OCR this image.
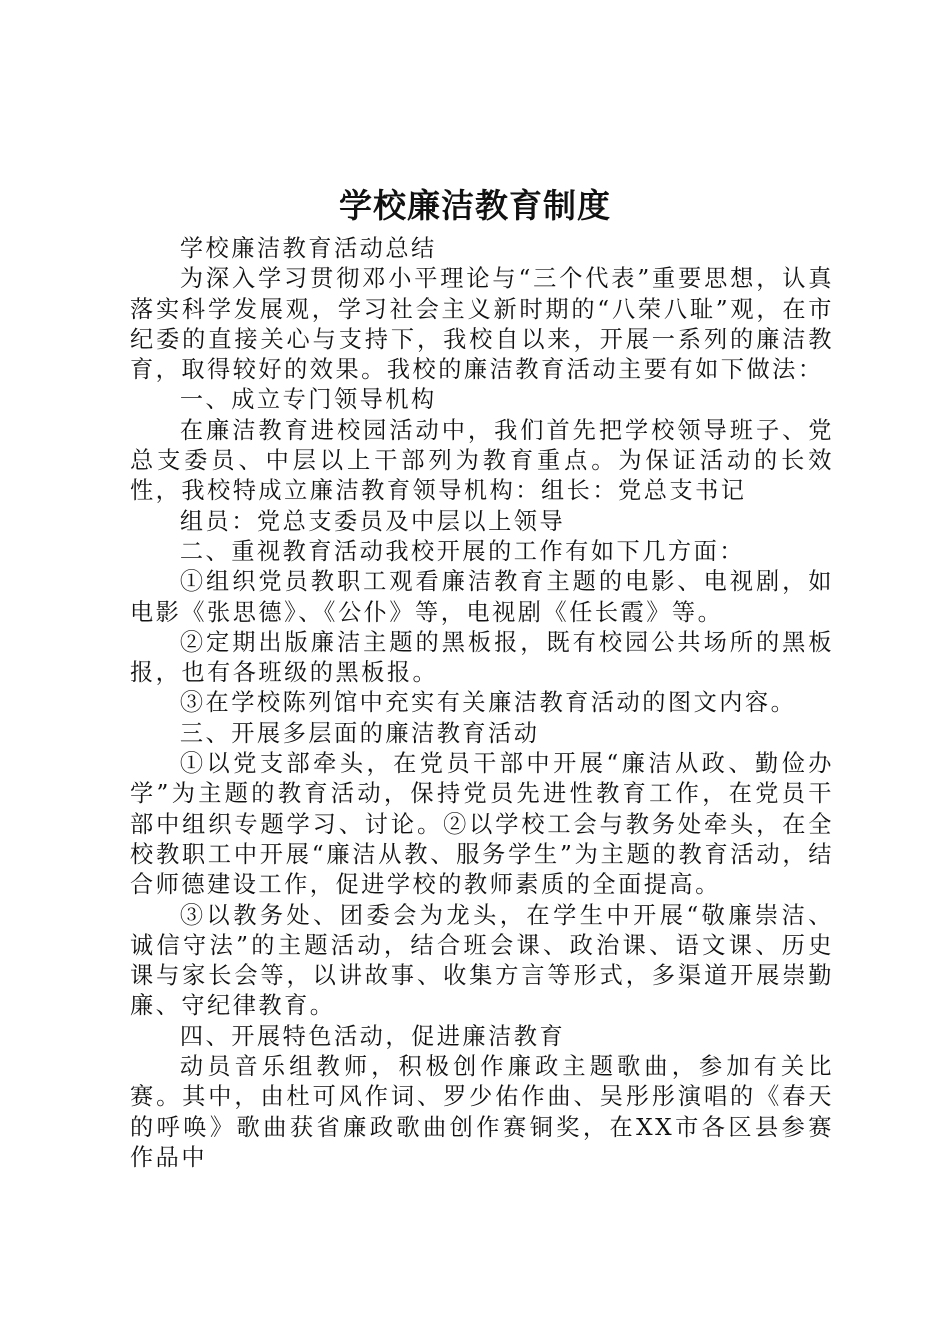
学校廉洁教育制度

学校廉洁教育活动总结

为深入学习贯彻邓小平理论与“三个代表”重要思想，认真落实科学发展观，学习社会主义新时期的“八荣八耻”观，在市纪委的直接关心与支持下，我校自以来，开展一系列的廉洁教育，取得较好的效果。我校的廉洁教育活动主要有如下做法：

一、成立专门领导机构

在廉洁教育进校园活动中，我们首先把学校领导班子、党总支委员、中层以上干部列为教育重点。为保证活动的长效性，我校特成立廉洁教育领导机构：组长：党总支书记

组员：党总支委员及中层以上领导

二、重视教育活动我校开展的工作有如下几方面：

①组织党员教职工观看廉洁教育主题的电影、电视剧，如电影《张思德》、《公仆》等，电视剧《任长霞》等。

②定期出版廉洁主题的黑板报，既有校园公共场所的黑板报，也有各班级的黑板报。

③在学校陈列馆中充实有关廉洁教育活动的图文内容。

三、开展多层面的廉洁教育活动

①以党支部牵头，在党员干部中开展“廉洁从政、勤俭办学”为主题的教育活动，保持党员先进性教育工作，在党员干部中组织专题学习、讨论。②以学校工会与教务处牵头，在全校教职工中开展“廉洁从教、服务学生”为主题的教育活动，结合师德建设工作，促进学校的教师素质的全面提高。

③以教务处、团委会为龙头，在学生中开展“敬廉崇洁、诚信守法”的主题活动，结合班会课、政治课、语文课、历史课与家长会等，以讲故事、收集方言等形式，多渠道开展崇勤廉、守纪律教育。

四、开展特色活动，促进廉洁教育

动员音乐组教师，积极创作廉政主题歌曲，参加有关比赛。其中，由杜可风作词、罗少佑作曲、吴彤彤演唱的《春天的呼唤》歌曲获省廉政歌曲创作赛铜奖，在XX市各区县参赛作品中
